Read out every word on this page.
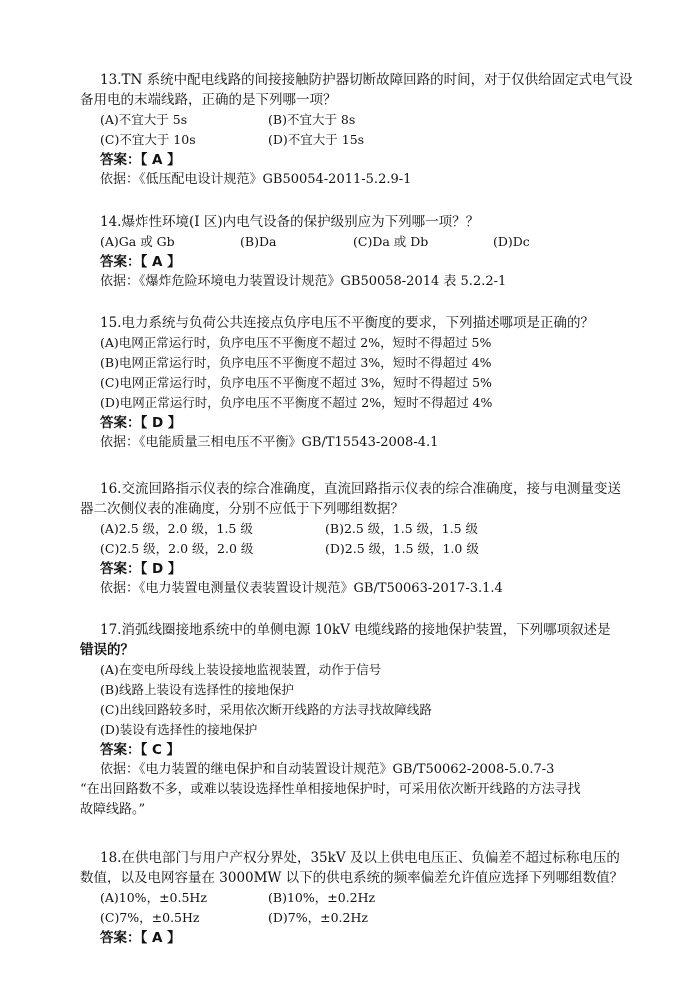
13.TN 系统中配电线路的间接接触防护器切断故障回路的时间，对于仅供给固定式电气设
备用电的末端线路，正确的是下列哪一项？
(A)不宜大于 5s	(B)不宜大于 8s
(C)不宜大于 10s	(D)不宜大于 15s
答案：【 A 】
依据：《低压配电设计规范》GB50054-2011-5.2.9-1
14.爆炸性环境(I 区)内电气设备的保护级别应为下列哪一项？？
(A)Ga 或 Gb	(B)Da	(C)Da 或 Db	(D)Dc
答案：【 A 】
依据：《爆炸危险环境电力装置设计规范》GB50058-2014 表 5.2.2-1
15.电力系统与负荷公共连接点负序电压不平衡度的要求，下列描述哪项是正确的？
(A)电网正常运行时，负序电压不平衡度不超过 2%，短时不得超过 5%
(B)电网正常运行时，负序电压不平衡度不超过 3%，短时不得超过 4%
(C)电网正常运行时，负序电压不平衡度不超过 3%，短时不得超过 5%
(D)电网正常运行时，负序电压不平衡度不超过 2%，短时不得超过 4%
答案：【 D 】
依据：《电能质量三相电压不平衡》GB/T15543-2008-4.1
16.交流回路指示仪表的综合准确度，直流回路指示仪表的综合准确度，接与电测量变送
器二次侧仪表的准确度，分别不应低于下列哪组数据？
(A)2.5 级，2.0 级，1.5 级	(B)2.5 级，1.5 级，1.5 级
(C)2.5 级，2.0 级，2.0 级	(D)2.5 级，1.5 级，1.0 级
答案：【 D 】
依据：《电力装置电测量仪表装置设计规范》GB/T50063-2017-3.1.4
17.消弧线圈接地系统中的单侧电源 10kV 电缆线路的接地保护装置，下列哪项叙述是
错误的？
(A)在变电所母线上装设接地监视装置，动作于信号
(B)线路上装设有选择性的接地保护
(C)出线回路较多时，采用依次断开线路的方法寻找故障线路
(D)装设有选择性的接地保护
答案：【 C 】
依据：《电力装置的继电保护和自动装置设计规范》GB/T50062-2008-5.0.7-3
“在出回路数不多，或难以装设选择性单相接地保护时，可采用依次断开线路的方法寻找
故障线路。”
18.在供电部门与用户产权分界处，35kV 及以上供电电压正、负偏差不超过标称电压的
数值，以及电网容量在 3000MW 以下的供电系统的频率偏差允许值应选择下列哪组数值？
(A)10%，±0.5Hz	(B)10%，±0.2Hz
(C)7%，±0.5Hz	(D)7%，±0.2Hz
答案：【 A 】
